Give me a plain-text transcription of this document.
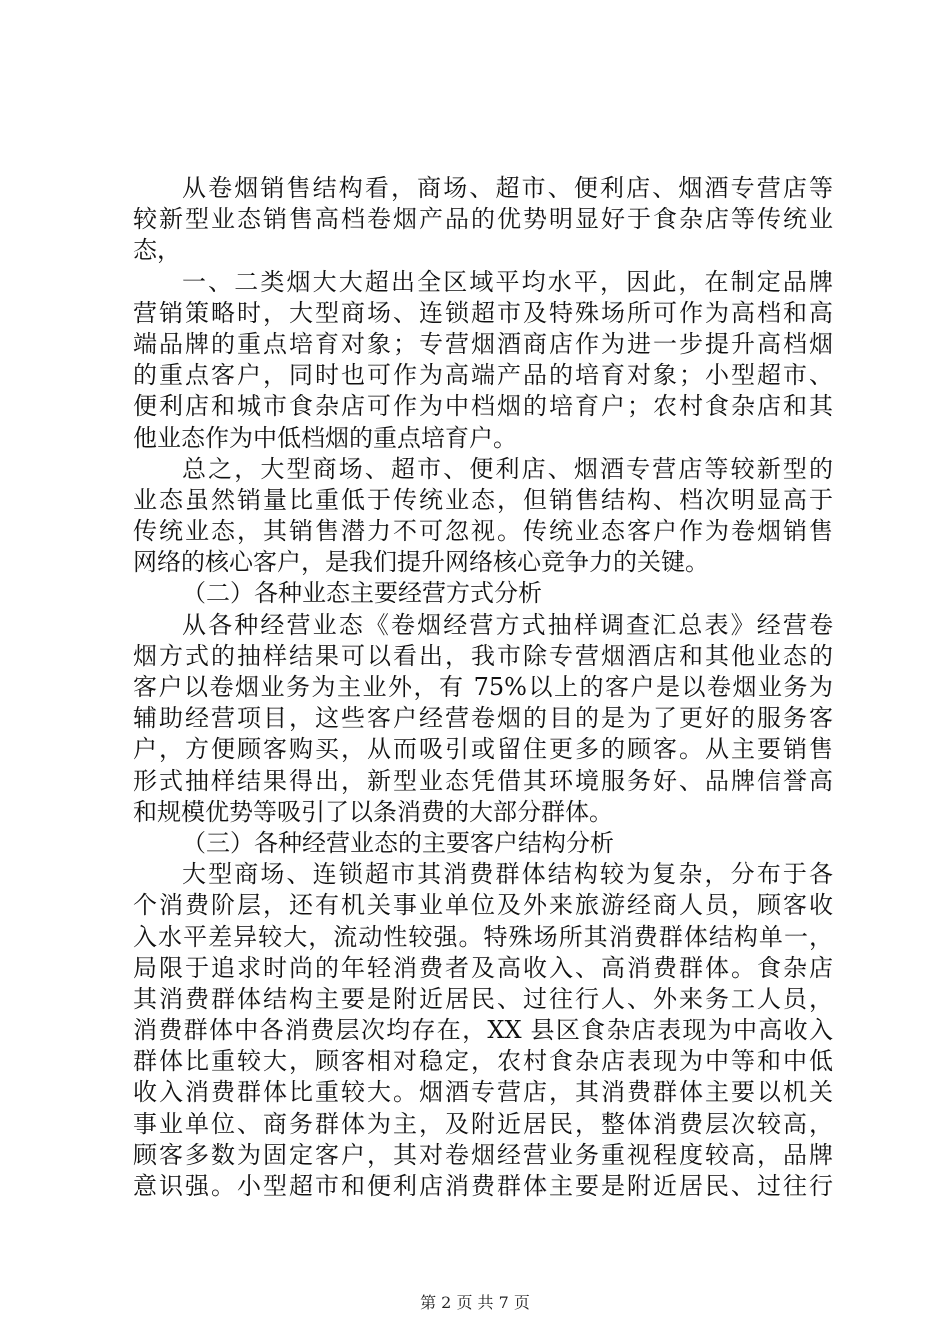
从卷烟销售结构看，商场、超市、便利店、烟酒专营店等
较新型业态销售高档卷烟产品的优势明显好于食杂店等传统业
态，
一、二类烟大大超出全区域平均水平，因此，在制定品牌
营销策略时，大型商场、连锁超市及特殊场所可作为高档和高
端品牌的重点培育对象；专营烟酒商店作为进一步提升高档烟
的重点客户，同时也可作为高端产品的培育对象；小型超市、
便利店和城市食杂店可作为中档烟的培育户；农村食杂店和其
他业态作为中低档烟的重点培育户。
总之，大型商场、超市、便利店、烟酒专营店等较新型的
业态虽然销量比重低于传统业态，但销售结构、档次明显高于
传统业态，其销售潜力不可忽视。传统业态客户作为卷烟销售
网络的核心客户，是我们提升网络核心竞争力的关键。
（二）各种业态主要经营方式分析
从各种经营业态《卷烟经营方式抽样调查汇总表》经营卷
烟方式的抽样结果可以看出，我市除专营烟酒店和其他业态的
客户以卷烟业务为主业外，有 75%以上的客户是以卷烟业务为
辅助经营项目，这些客户经营卷烟的目的是为了更好的服务客
户，方便顾客购买，从而吸引或留住更多的顾客。从主要销售
形式抽样结果得出，新型业态凭借其环境服务好、品牌信誉高
和规模优势等吸引了以条消费的大部分群体。
（三）各种经营业态的主要客户结构分析
大型商场、连锁超市其消费群体结构较为复杂，分布于各
个消费阶层，还有机关事业单位及外来旅游经商人员，顾客收
入水平差异较大，流动性较强。特殊场所其消费群体结构单一，
局限于追求时尚的年轻消费者及高收入、高消费群体。食杂店
其消费群体结构主要是附近居民、过往行人、外来务工人员，
消费群体中各消费层次均存在，XX 县区食杂店表现为中高收入
群体比重较大，顾客相对稳定，农村食杂店表现为中等和中低
收入消费群体比重较大。烟酒专营店，其消费群体主要以机关
事业单位、商务群体为主，及附近居民，整体消费层次较高，
顾客多数为固定客户，其对卷烟经营业务重视程度较高，品牌
意识强。小型超市和便利店消费群体主要是附近居民、过往行
第 2 页 共 7 页
